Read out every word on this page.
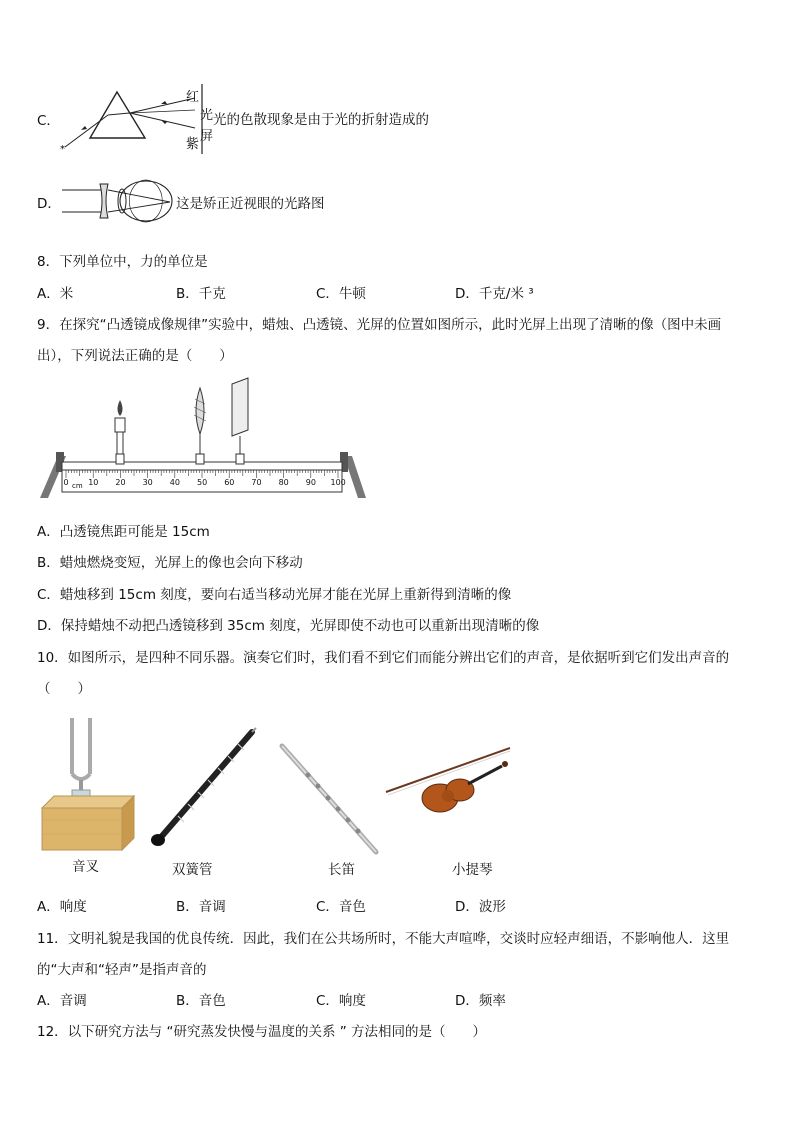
C．
*
红
光
紫
屏
光的色散现象是由于光的折射造成的
D．	这是矫正近视眼的光路图
8．下列单位中，力的单位是
A．米	B．千克	C．牛顿	D．千克/米 ³
9．在探究“凸透镜成像规律”实验中，蜡烛、凸透镜、光屏的位置如图所示，此时光屏上出现了清晰的像（图中未画
出），下列说法正确的是（　　）
0 10 20 30 40 50 60 70 80 90 100
cm
A．凸透镜焦距可能是 15cm
B．蜡烛燃烧变短，光屏上的像也会向下移动
C．蜡烛移到 15cm 刻度，要向右适当移动光屏才能在光屏上重新得到清晰的像
D．保持蜡烛不动把凸透镜移到 35cm 刻度，光屏即使不动也可以重新出现清晰的像
10．如图所示，是四种不同乐器。演奏它们时，我们看不到它们而能分辨出它们的声音，是依据听到它们发出声音的
（　　）
音叉	双簧管	长笛	小提琴
A．响度	B．音调	C．音色	D．波形
11．文明礼貌是我国的优良传统．因此，我们在公共场所时，不能大声喧哗，交谈时应轻声细语，不影响他人．这里
的“大声和“轻声”是指声音的
A．音调	B．音色	C．响度	D．频率
12．以下研究方法与 “研究蒸发快慢与温度的关系 ” 方法相同的是（　　）
